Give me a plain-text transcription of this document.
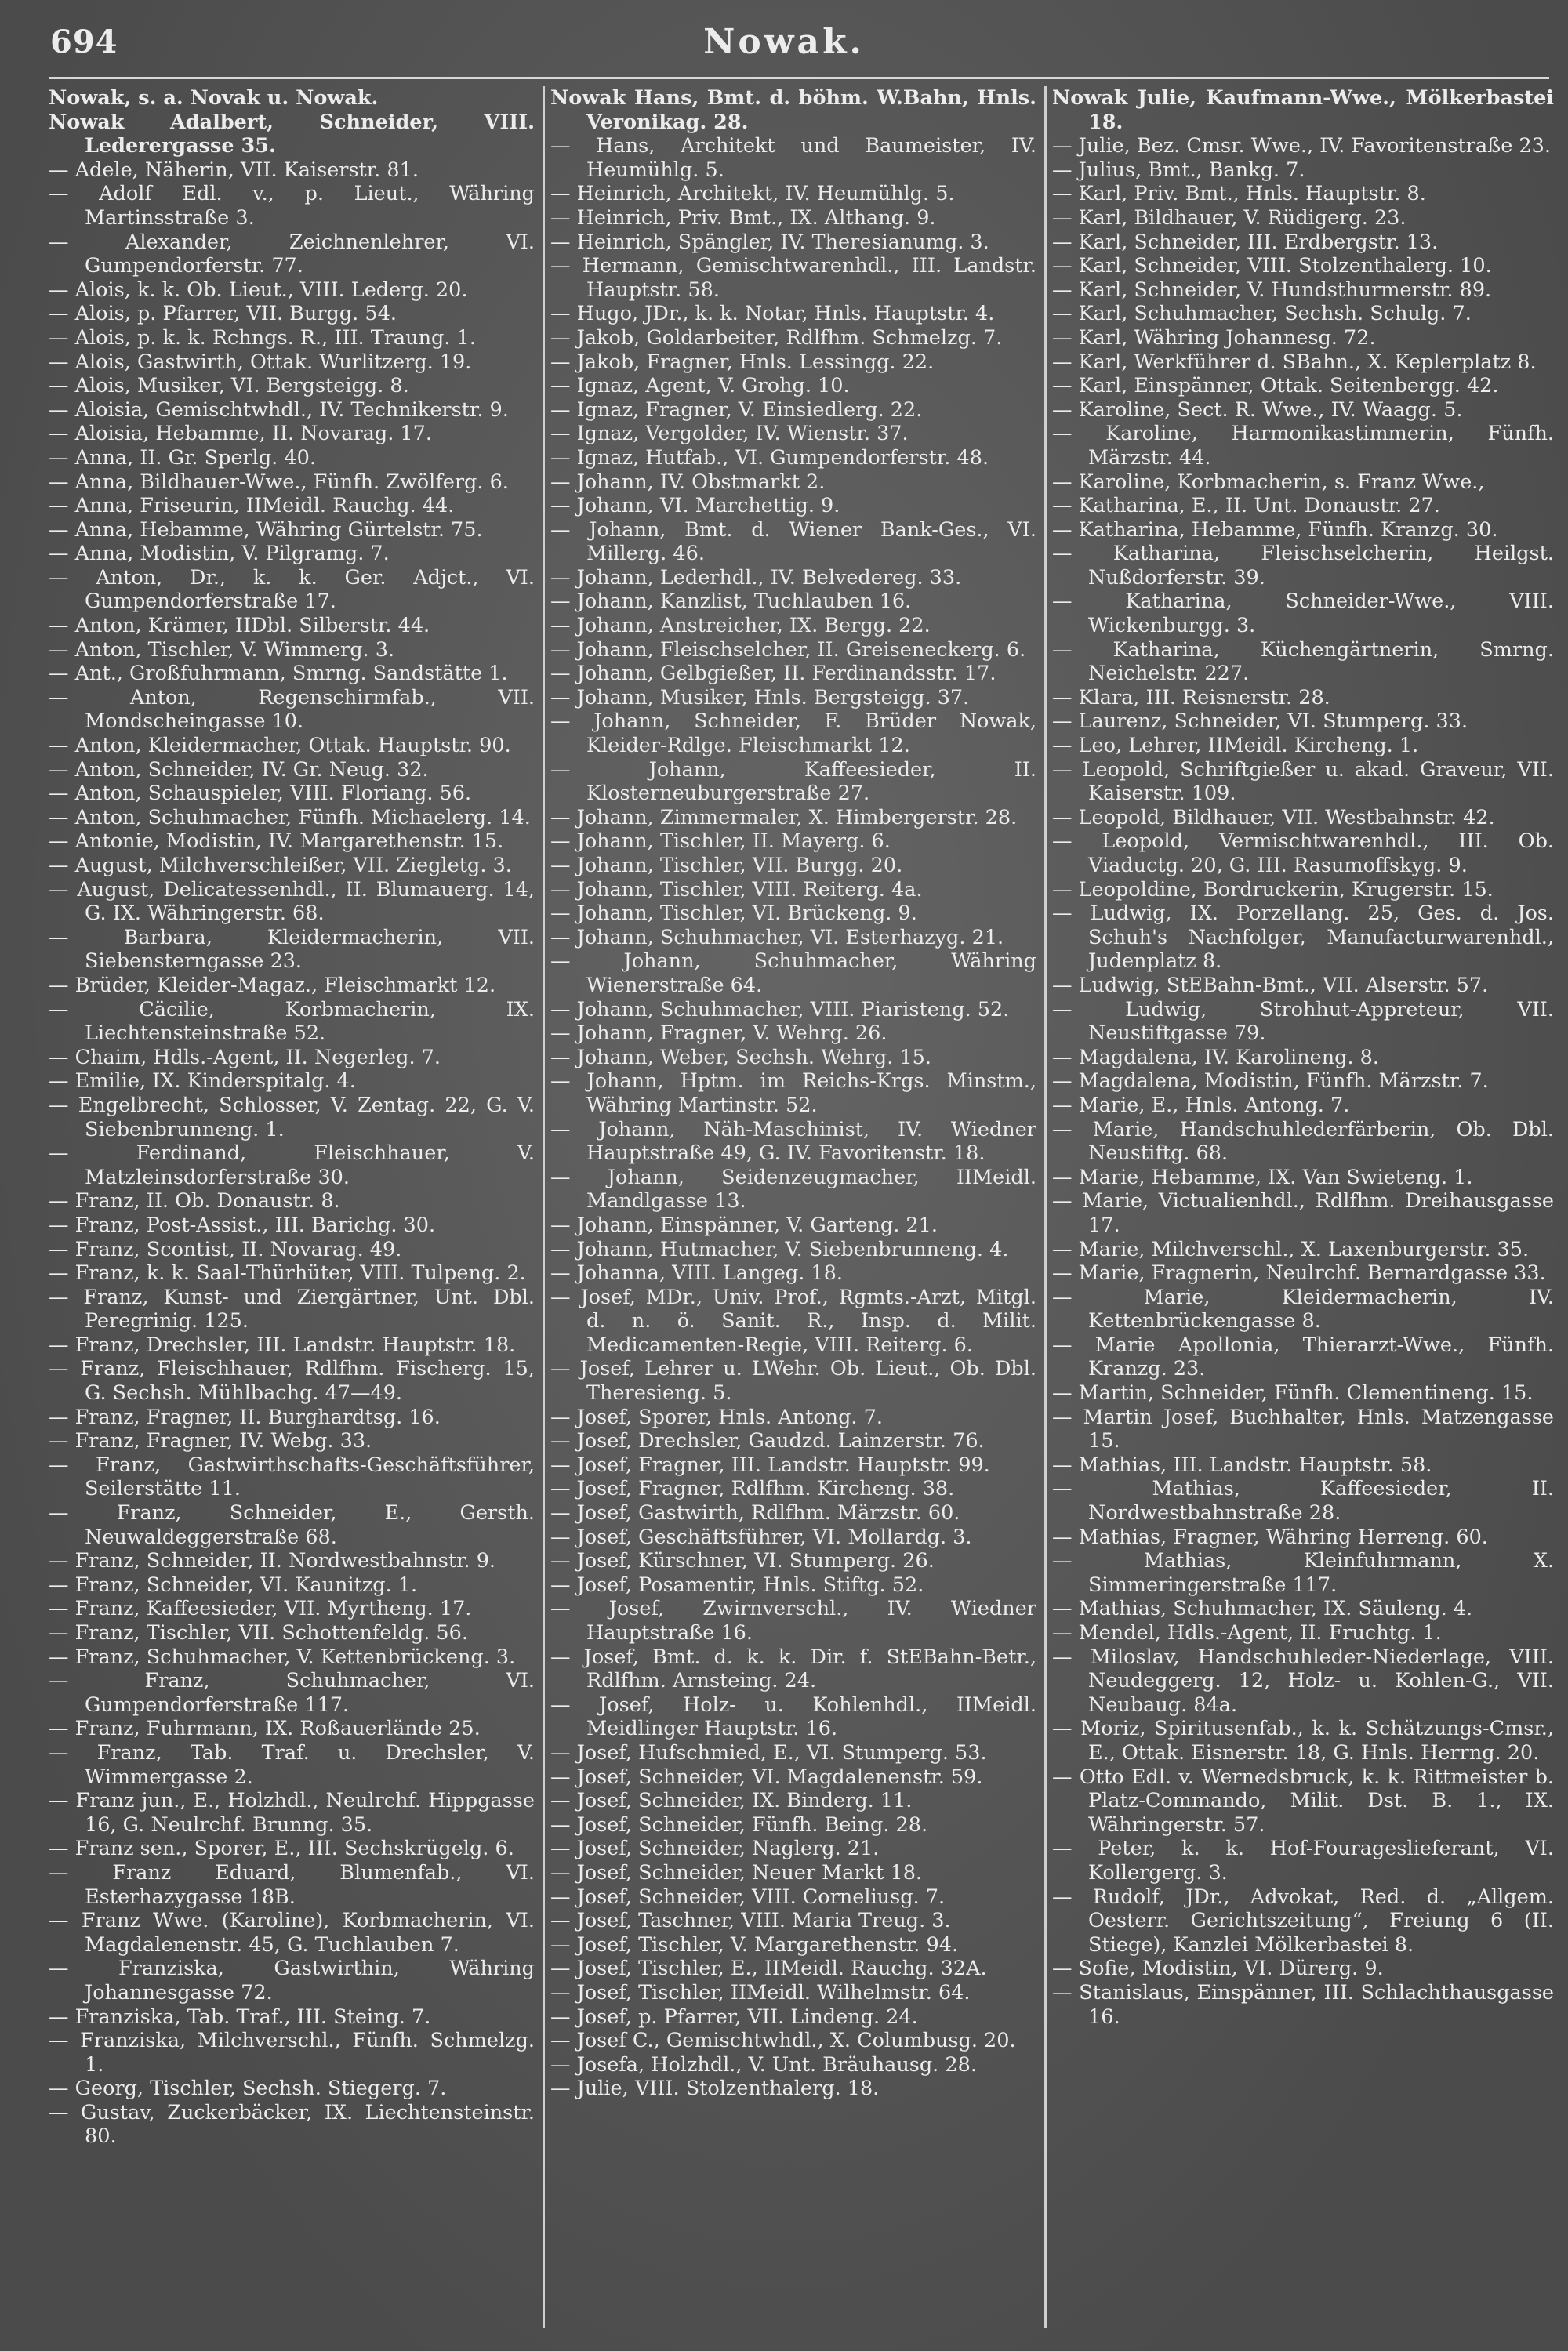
694	Nowak.
Nowak, s. a. Novak u. Nowak.
Nowak Adalbert, Schneider, VIII. Lederergasse 35.
— Adele, Näherin, VII. Kaiserstr. 81.
— Adolf Edl. v., p. Lieut., Währing Martinsstraße 3.
— Alexander, Zeichnenlehrer, VI. Gumpendorferstr. 77.
— Alois, k. k. Ob. Lieut., VIII. Lederg. 20.
— Alois, p. Pfarrer, VII. Burgg. 54.
— Alois, p. k. k. Rchngs. R., III. Traung. 1.
— Alois, Gastwirth, Ottak. Wurlitzerg. 19.
— Alois, Musiker, VI. Bergsteigg. 8.
— Aloisia, Gemischtwhdl., IV. Technikerstr. 9.
— Aloisia, Hebamme, II. Novarag. 17.
— Anna, II. Gr. Sperlg. 40.
— Anna, Bildhauer-Wwe., Fünfh. Zwölferg. 6.
— Anna, Friseurin, IIMeidl. Rauchg. 44.
— Anna, Hebamme, Währing Gürtelstr. 75.
— Anna, Modistin, V. Pilgramg. 7.
— Anton, Dr., k. k. Ger. Adjct., VI. Gumpendorferstraße 17.
— Anton, Krämer, IIDbl. Silberstr. 44.
— Anton, Tischler, V. Wimmerg. 3.
— Ant., Großfuhrmann, Smrng. Sandstätte 1.
— Anton, Regenschirmfab., VII. Mondscheingasse 10.
— Anton, Kleidermacher, Ottak. Hauptstr. 90.
— Anton, Schneider, IV. Gr. Neug. 32.
— Anton, Schauspieler, VIII. Floriang. 56.
— Anton, Schuhmacher, Fünfh. Michaelerg. 14.
— Antonie, Modistin, IV. Margarethenstr. 15.
— August, Milchverschleißer, VII. Ziegletg. 3.
— August, Delicatessenhdl., II. Blumauerg. 14, G. IX. Währingerstr. 68.
— Barbara, Kleidermacherin, VII. Siebensterngasse 23.
— Brüder, Kleider-Magaz., Fleischmarkt 12.
— Cäcilie, Korbmacherin, IX. Liechtensteinstraße 52.
— Chaim, Hdls.-Agent, II. Negerleg. 7.
— Emilie, IX. Kinderspitalg. 4.
— Engelbrecht, Schlosser, V. Zentag. 22, G. V. Siebenbrunneng. 1.
— Ferdinand, Fleischhauer, V. Matzleinsdorferstraße 30.
— Franz, II. Ob. Donaustr. 8.
— Franz, Post-Assist., III. Barichg. 30.
— Franz, Scontist, II. Novarag. 49.
— Franz, k. k. Saal-Thürhüter, VIII. Tulpeng. 2.
— Franz, Kunst- und Ziergärtner, Unt. Dbl. Peregrinig. 125.
— Franz, Drechsler, III. Landstr. Hauptstr. 18.
— Franz, Fleischhauer, Rdlfhm. Fischerg. 15, G. Sechsh. Mühlbachg. 47—49.
— Franz, Fragner, II. Burghardtsg. 16.
— Franz, Fragner, IV. Webg. 33.
— Franz, Gastwirthschafts-Geschäftsführer, Seilerstätte 11.
— Franz, Schneider, E., Gersth. Neuwaldeggerstraße 68.
— Franz, Schneider, II. Nordwestbahnstr. 9.
— Franz, Schneider, VI. Kaunitzg. 1.
— Franz, Kaffeesieder, VII. Myrtheng. 17.
— Franz, Tischler, VII. Schottenfeldg. 56.
— Franz, Schuhmacher, V. Kettenbrückeng. 3.
— Franz, Schuhmacher, VI. Gumpendorferstraße 117.
— Franz, Fuhrmann, IX. Roßauerlände 25.
— Franz, Tab. Traf. u. Drechsler, V. Wimmergasse 2.
— Franz jun., E., Holzhdl., Neulrchf. Hippgasse 16, G. Neulrchf. Brunng. 35.
— Franz sen., Sporer, E., III. Sechskrügelg. 6.
— Franz Eduard, Blumenfab., VI. Esterhazygasse 18B.
— Franz Wwe. (Karoline), Korbmacherin, VI. Magdalenenstr. 45, G. Tuchlauben 7.
— Franziska, Gastwirthin, Währing Johannesgasse 72.
— Franziska, Tab. Traf., III. Steing. 7.
— Franziska, Milchverschl., Fünfh. Schmelzg. 1.
— Georg, Tischler, Sechsh. Stiegerg. 7.
— Gustav, Zuckerbäcker, IX. Liechtensteinstr. 80.
Nowak Hans, Bmt. d. böhm. W.Bahn, Hnls. Veronikag. 28.
— Hans, Architekt und Baumeister, IV. Heumühlg. 5.
— Heinrich, Architekt, IV. Heumühlg. 5.
— Heinrich, Priv. Bmt., IX. Althang. 9.
— Heinrich, Spängler, IV. Theresianumg. 3.
— Hermann, Gemischtwarenhdl., III. Landstr. Hauptstr. 58.
— Hugo, JDr., k. k. Notar, Hnls. Hauptstr. 4.
— Jakob, Goldarbeiter, Rdlfhm. Schmelzg. 7.
— Jakob, Fragner, Hnls. Lessingg. 22.
— Ignaz, Agent, V. Grohg. 10.
— Ignaz, Fragner, V. Einsiedlerg. 22.
— Ignaz, Vergolder, IV. Wienstr. 37.
— Ignaz, Hutfab., VI. Gumpendorferstr. 48.
— Johann, IV. Obstmarkt 2.
— Johann, VI. Marchettig. 9.
— Johann, Bmt. d. Wiener Bank-Ges., VI. Millerg. 46.
— Johann, Lederhdl., IV. Belvedereg. 33.
— Johann, Kanzlist, Tuchlauben 16.
— Johann, Anstreicher, IX. Bergg. 22.
— Johann, Fleischselcher, II. Greiseneckerg. 6.
— Johann, Gelbgießer, II. Ferdinandsstr. 17.
— Johann, Musiker, Hnls. Bergsteigg. 37.
— Johann, Schneider, F. Brüder Nowak, Kleider-Rdlge. Fleischmarkt 12.
— Johann, Kaffeesieder, II. Klosterneuburgerstraße 27.
— Johann, Zimmermaler, X. Himbergerstr. 28.
— Johann, Tischler, II. Mayerg. 6.
— Johann, Tischler, VII. Burgg. 20.
— Johann, Tischler, VIII. Reiterg. 4a.
— Johann, Tischler, VI. Brückeng. 9.
— Johann, Schuhmacher, VI. Esterhazyg. 21.
— Johann, Schuhmacher, Währing Wienerstraße 64.
— Johann, Schuhmacher, VIII. Piaristeng. 52.
— Johann, Fragner, V. Wehrg. 26.
— Johann, Weber, Sechsh. Wehrg. 15.
— Johann, Hptm. im Reichs-Krgs. Minstm., Währing Martinstr. 52.
— Johann, Näh-Maschinist, IV. Wiedner Hauptstraße 49, G. IV. Favoritenstr. 18.
— Johann, Seidenzeugmacher, IIMeidl. Mandlgasse 13.
— Johann, Einspänner, V. Garteng. 21.
— Johann, Hutmacher, V. Siebenbrunneng. 4.
— Johanna, VIII. Langeg. 18.
— Josef, MDr., Univ. Prof., Rgmts.-Arzt, Mitgl. d. n. ö. Sanit. R., Insp. d. Milit. Medicamenten-Regie, VIII. Reiterg. 6.
— Josef, Lehrer u. LWehr. Ob. Lieut., Ob. Dbl. Theresieng. 5.
— Josef, Sporer, Hnls. Antong. 7.
— Josef, Drechsler, Gaudzd. Lainzerstr. 76.
— Josef, Fragner, III. Landstr. Hauptstr. 99.
— Josef, Fragner, Rdlfhm. Kircheng. 38.
— Josef, Gastwirth, Rdlfhm. Märzstr. 60.
— Josef, Geschäftsführer, VI. Mollardg. 3.
— Josef, Kürschner, VI. Stumperg. 26.
— Josef, Posamentir, Hnls. Stiftg. 52.
— Josef, Zwirnverschl., IV. Wiedner Hauptstraße 16.
— Josef, Bmt. d. k. k. Dir. f. StEBahn-Betr., Rdlfhm. Arnsteing. 24.
— Josef, Holz- u. Kohlenhdl., IIMeidl. Meidlinger Hauptstr. 16.
— Josef, Hufschmied, E., VI. Stumperg. 53.
— Josef, Schneider, VI. Magdalenenstr. 59.
— Josef, Schneider, IX. Binderg. 11.
— Josef, Schneider, Fünfh. Being. 28.
— Josef, Schneider, Naglerg. 21.
— Josef, Schneider, Neuer Markt 18.
— Josef, Schneider, VIII. Corneliusg. 7.
— Josef, Taschner, VIII. Maria Treug. 3.
— Josef, Tischler, V. Margarethenstr. 94.
— Josef, Tischler, E., IIMeidl. Rauchg. 32A.
— Josef, Tischler, IIMeidl. Wilhelmstr. 64.
— Josef, p. Pfarrer, VII. Lindeng. 24.
— Josef C., Gemischtwhdl., X. Columbusg. 20.
— Josefa, Holzhdl., V. Unt. Bräuhausg. 28.
— Julie, VIII. Stolzenthalerg. 18.
Nowak Julie, Kaufmann-Wwe., Mölkerbastei 18.
— Julie, Bez. Cmsr. Wwe., IV. Favoritenstraße 23.
— Julius, Bmt., Bankg. 7.
— Karl, Priv. Bmt., Hnls. Hauptstr. 8.
— Karl, Bildhauer, V. Rüdigerg. 23.
— Karl, Schneider, III. Erdbergstr. 13.
— Karl, Schneider, VIII. Stolzenthalerg. 10.
— Karl, Schneider, V. Hundsthurmerstr. 89.
— Karl, Schuhmacher, Sechsh. Schulg. 7.
— Karl, Währing Johannesg. 72.
— Karl, Werkführer d. SBahn., X. Keplerplatz 8.
— Karl, Einspänner, Ottak. Seitenbergg. 42.
— Karoline, Sect. R. Wwe., IV. Waagg. 5.
— Karoline, Harmonikastimmerin, Fünfh. Märzstr. 44.
— Karoline, Korbmacherin, s. Franz Wwe.,
— Katharina, E., II. Unt. Donaustr. 27.
— Katharina, Hebamme, Fünfh. Kranzg. 30.
— Katharina, Fleischselcherin, Heilgst. Nußdorferstr. 39.
— Katharina, Schneider-Wwe., VIII. Wickenburgg. 3.
— Katharina, Küchengärtnerin, Smrng. Neichelstr. 227.
— Klara, III. Reisnerstr. 28.
— Laurenz, Schneider, VI. Stumperg. 33.
— Leo, Lehrer, IIMeidl. Kircheng. 1.
— Leopold, Schriftgießer u. akad. Graveur, VII. Kaiserstr. 109.
— Leopold, Bildhauer, VII. Westbahnstr. 42.
— Leopold, Vermischtwarenhdl., III. Ob. Viaductg. 20, G. III. Rasumoffskyg. 9.
— Leopoldine, Bordruckerin, Krugerstr. 15.
— Ludwig, IX. Porzellang. 25, Ges. d. Jos. Schuh's Nachfolger, Manufacturwarenhdl., Judenplatz 8.
— Ludwig, StEBahn-Bmt., VII. Alserstr. 57.
— Ludwig, Strohhut-Appreteur, VII. Neustiftgasse 79.
— Magdalena, IV. Karolineng. 8.
— Magdalena, Modistin, Fünfh. Märzstr. 7.
— Marie, E., Hnls. Antong. 7.
— Marie, Handschuhlederfärberin, Ob. Dbl. Neustiftg. 68.
— Marie, Hebamme, IX. Van Swieteng. 1.
— Marie, Victualienhdl., Rdlfhm. Dreihausgasse 17.
— Marie, Milchverschl., X. Laxenburgerstr. 35.
— Marie, Fragnerin, Neulrchf. Bernardgasse 33.
— Marie, Kleidermacherin, IV. Kettenbrückengasse 8.
— Marie Apollonia, Thierarzt-Wwe., Fünfh. Kranzg. 23.
— Martin, Schneider, Fünfh. Clementineng. 15.
— Martin Josef, Buchhalter, Hnls. Matzengasse 15.
— Mathias, III. Landstr. Hauptstr. 58.
— Mathias, Kaffeesieder, II. Nordwestbahnstraße 28.
— Mathias, Fragner, Währing Herreng. 60.
— Mathias, Kleinfuhrmann, X. Simmeringerstraße 117.
— Mathias, Schuhmacher, IX. Säuleng. 4.
— Mendel, Hdls.-Agent, II. Fruchtg. 1.
— Miloslav, Handschuhleder-Niederlage, VIII. Neudeggerg. 12, Holz- u. Kohlen-G., VII. Neubaug. 84a.
— Moriz, Spiritusenfab., k. k. Schätzungs-Cmsr., E., Ottak. Eisnerstr. 18, G. Hnls. Herrng. 20.
— Otto Edl. v. Wernedsbruck, k. k. Rittmeister b. Platz-Commando, Milit. Dst. B. 1., IX. Währingerstr. 57.
— Peter, k. k. Hof-Fourageslieferant, VI. Kollergerg. 3.
— Rudolf, JDr., Advokat, Red. d. „Allgem. Oesterr. Gerichtszeitung“, Freiung 6 (II. Stiege), Kanzlei Mölkerbastei 8.
— Sofie, Modistin, VI. Dürerg. 9.
— Stanislaus, Einspänner, III. Schlachthausgasse 16.
